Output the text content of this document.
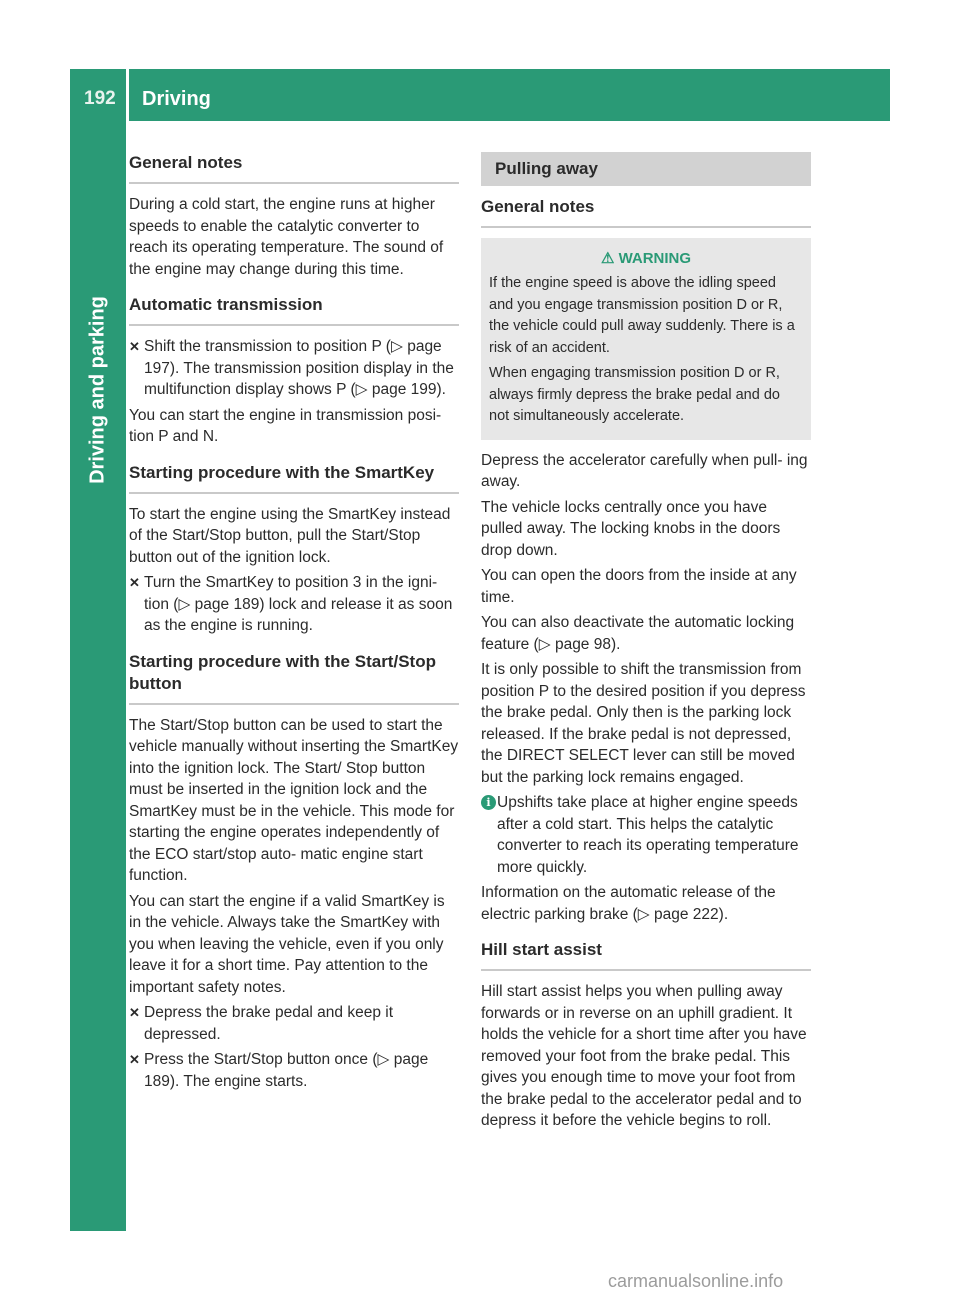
192 Driving
Driving and parking
General notes

During a cold start, the engine runs at higher speeds to enable the catalytic converter to reach its operating temperature. The sound of the engine may change during this time.

Automatic transmission
✕ Shift the transmission to position P (▷ page 197). The transmission position display in the multifunction display shows P (▷ page 199).

You can start the engine in transmission posi- tion P and N.

Starting procedure with the SmartKey

To start the engine using the SmartKey instead of the Start/Stop button, pull the Start/Stop button out of the ignition lock.

✕ Turn the SmartKey to position 3 in the igni- tion (▷ page 189) lock and release it as soon as the engine is running.
Starting procedure with the Start/Stop button

The Start/Stop button can be used to start the vehicle manually without inserting the SmartKey into the ignition lock. The Start/ Stop button must be inserted in the ignition lock and the SmartKey must be in the vehicle. This mode for starting the engine operates independently of the ECO start/stop auto- matic engine start function.

You can start the engine if a valid SmartKey is in the vehicle. Always take the SmartKey with you when leaving the vehicle, even if you only leave it for a short time. Pay attention to the important safety notes.

✕ Depress the brake pedal and keep it depressed.
✕ Press the Start/Stop button once (▷ page 189). The engine starts.
Pulling away
General notes
⚠ WARNING

If the engine speed is above the idling speed and you engage transmission position D or R, the vehicle could pull away suddenly. There is a risk of an accident.

When engaging transmission position D or R, always firmly depress the brake pedal and do not simultaneously accelerate.

Depress the accelerator carefully when pull- ing away.

The vehicle locks centrally once you have pulled away. The locking knobs in the doors drop down.

You can open the doors from the inside at any time.

You can also deactivate the automatic locking feature (▷ page 98).

It is only possible to shift the transmission from position P to the desired position if you depress the brake pedal. Only then is the parking lock released. If the brake pedal is not depressed, the DIRECT SELECT lever can still be moved but the parking lock remains engaged.

i Upshifts take place at higher engine speeds after a cold start. This helps the catalytic converter to reach its operating temperature more quickly.

Information on the automatic release of the electric parking brake (▷ page 222).

Hill start assist

Hill start assist helps you when pulling away forwards or in reverse on an uphill gradient. It holds the vehicle for a short time after you have removed your foot from the brake pedal. This gives you enough time to move your foot from the brake pedal to the accelerator pedal and to depress it before the vehicle begins to roll.

carmanualsonline.info
